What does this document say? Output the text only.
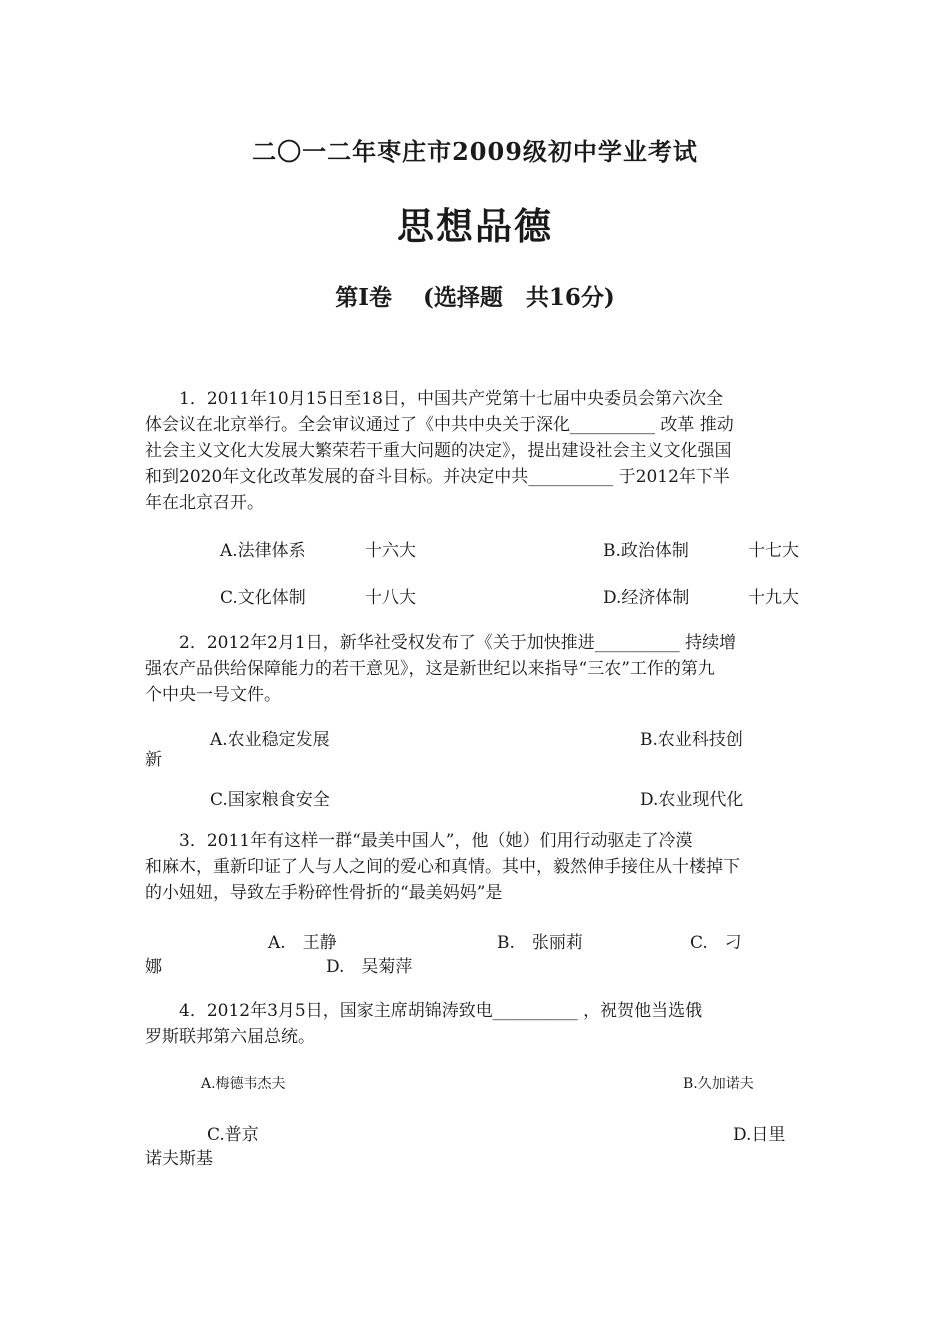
二〇一二年枣庄市2009级初中学业考试
思想品德
第Ⅰ卷　 (选择题　共16分)
　　1．2011年10月15日至18日，中国共产党第十七届中央委员会第六次全
体会议在北京举行。全会审议通过了《中共中央关于深化__________ 改革 推动
社会主义文化大发展大繁荣若干重大问题的决定》，提出建设社会主义文化强国
和到2020年文化改革发展的奋斗目标。并决定中共__________ 于2012年下半
年在北京召开。
A.法律体系	十六大	B.政治体制	十七大
C.文化体制	十八大	D.经济体制	十九大
　　2．2012年2月1日，新华社受权发布了《关于加快推进__________ 持续增
强农产品供给保障能力的若干意见》，这是新世纪以来指导“三农”工作的第九
个中央一号文件。
A.农业稳定发展	B.农业科技创
新
C.国家粮食安全	D.农业现代化
　　3．2011年有这样一群“最美中国人”，他（她）们用行动驱走了冷漠
和麻木，重新印证了人与人之间的爱心和真情。其中，毅然伸手接住从十楼掉下
的小妞妞，导致左手粉碎性骨折的“最美妈妈”是
A.　王静	B.　张丽莉	C.　刁
娜	D.　吴菊萍
　　4．2012年3月5日，国家主席胡锦涛致电__________ ，祝贺他当选俄
罗斯联邦第六届总统。
A.梅德韦杰夫	B.久加诺夫
C.普京	D.日里
诺夫斯基
